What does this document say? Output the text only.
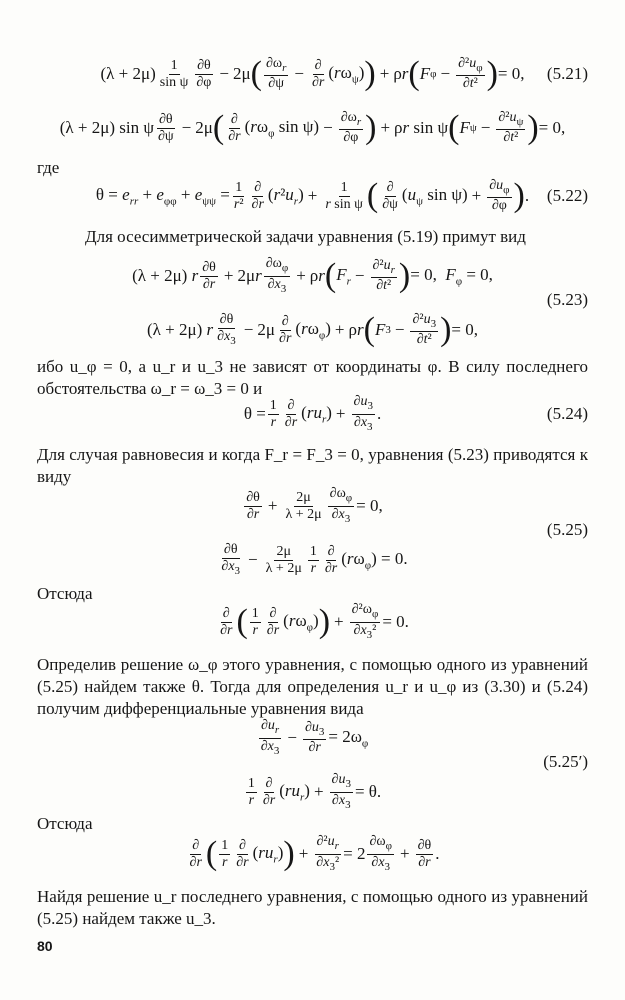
(λ + 2μ) 1
sin ψ
∂θ
∂φ − 2μ ( $\partial\omega_r$
∂ψ
− ∂
∂r
$(r\omega_\psi)$ ) + ρr ( F $\varphi - \frac{\partial^2u_\varphi}{\text{∂t²}}$ ) = 0, (5.21)
(λ + 2μ) sin ψ ∂θ
∂ψ − 2μ ( ∂
∂r
($r\omega_\varphi$ $\sin \psi) - \frac{\partial\omega_r}{\partial\varphi}$ ) + ρr sin ψ ( F $\psi - \frac{\partial^2u_\psi}{\text{∂t²}}$ ) = 0,
где
$\theta = e_{rr} + e_{\varphi\varphi} + e_{\psi\psi} = \frac{1}{\text{r²}}$ ∂
∂r
$(r^2u_r) + \frac{1}{\text{r sin ψ}}$ ( ∂
∂ψ
($u_\psi$ $\sin \psi) + \frac{\partial u_\varphi}{\partial\varphi}$ ) . (5.22)
Для осесимметрической задачи уравнения (5.19) примут вид
(λ + 2μ) r ∂θ
∂r + 2μr
$\partial\omega_\varphi$
$\partial x_3$
+ ρr ( $F_r - \frac{\partial^2u_r}{\text{∂t²}}$ ) = 0,  $F_\varphi = 0$,
(5.23)
(λ + 2μ) r
∂θ
$\partial x_3$
− 2μ ∂
∂r
$(r\omega_\varphi) + \rho r$ ( F $3 - \frac{\partial^2u_3}{\text{∂t²}}$ ) = 0,
ибо u_φ = 0, а u_r и u_3 не зависят от координаты φ. В силу последнего обстоятельства ω_r = ω_3 = 0 и
$\theta = \frac{1}{r}$ ∂
∂r
$(ru_r) + \frac{\partial u_3}{\partial x_3}$ .	(5.24)
Для случая равновесия и когда F_r = F_3 = 0, уравнения (5.23) приводятся к виду
∂θ
$\partial r + \frac{2\mu}{\lambda + 2\mu} \frac{\partial\omega_\varphi}{\partial x_3} = 0$,
(5.25)
∂θ
$\partial x_3$
− $\frac{2\mu}{\lambda + 2\mu} 1$
r
∂
∂r
$(r\omega_\varphi) = 0$.
Отсюда
∂
∂r ( 1
r
∂
∂r
$(r\omega_\varphi)$ ) + $\frac{\partial^2\omega_\varphi}{\partial x_3^2} = 0$.
Определив решение ω_φ этого уравнения, с помощью одного из уравнений (5.25) найдем также θ. Тогда для определения u_r и u_φ из (3.30) и (5.24) получим дифференциальные уравнения вида
$\partial u_r$
$\partial x_3$
− $\frac{\partial u_3}{\partial r} = 2\omega_\varphi$
(5.25′)
1
r
∂
∂r
$(ru_r) + \frac{\partial u_3}{\partial x_3} = \theta$.
Отсюда
∂
∂r ( 1
r
∂
∂r
$(ru_r)$ ) + $\frac{\partial^2u_r}{\partial x_3^2} = 2$
$\partial\omega_\varphi$
$\partial x_3$
+ $\frac{\partial\theta}{\partial r}$ .
Найдя решение u_r последнего уравнения, с помощью одного из уравнений (5.25) найдем также u_3.
80
